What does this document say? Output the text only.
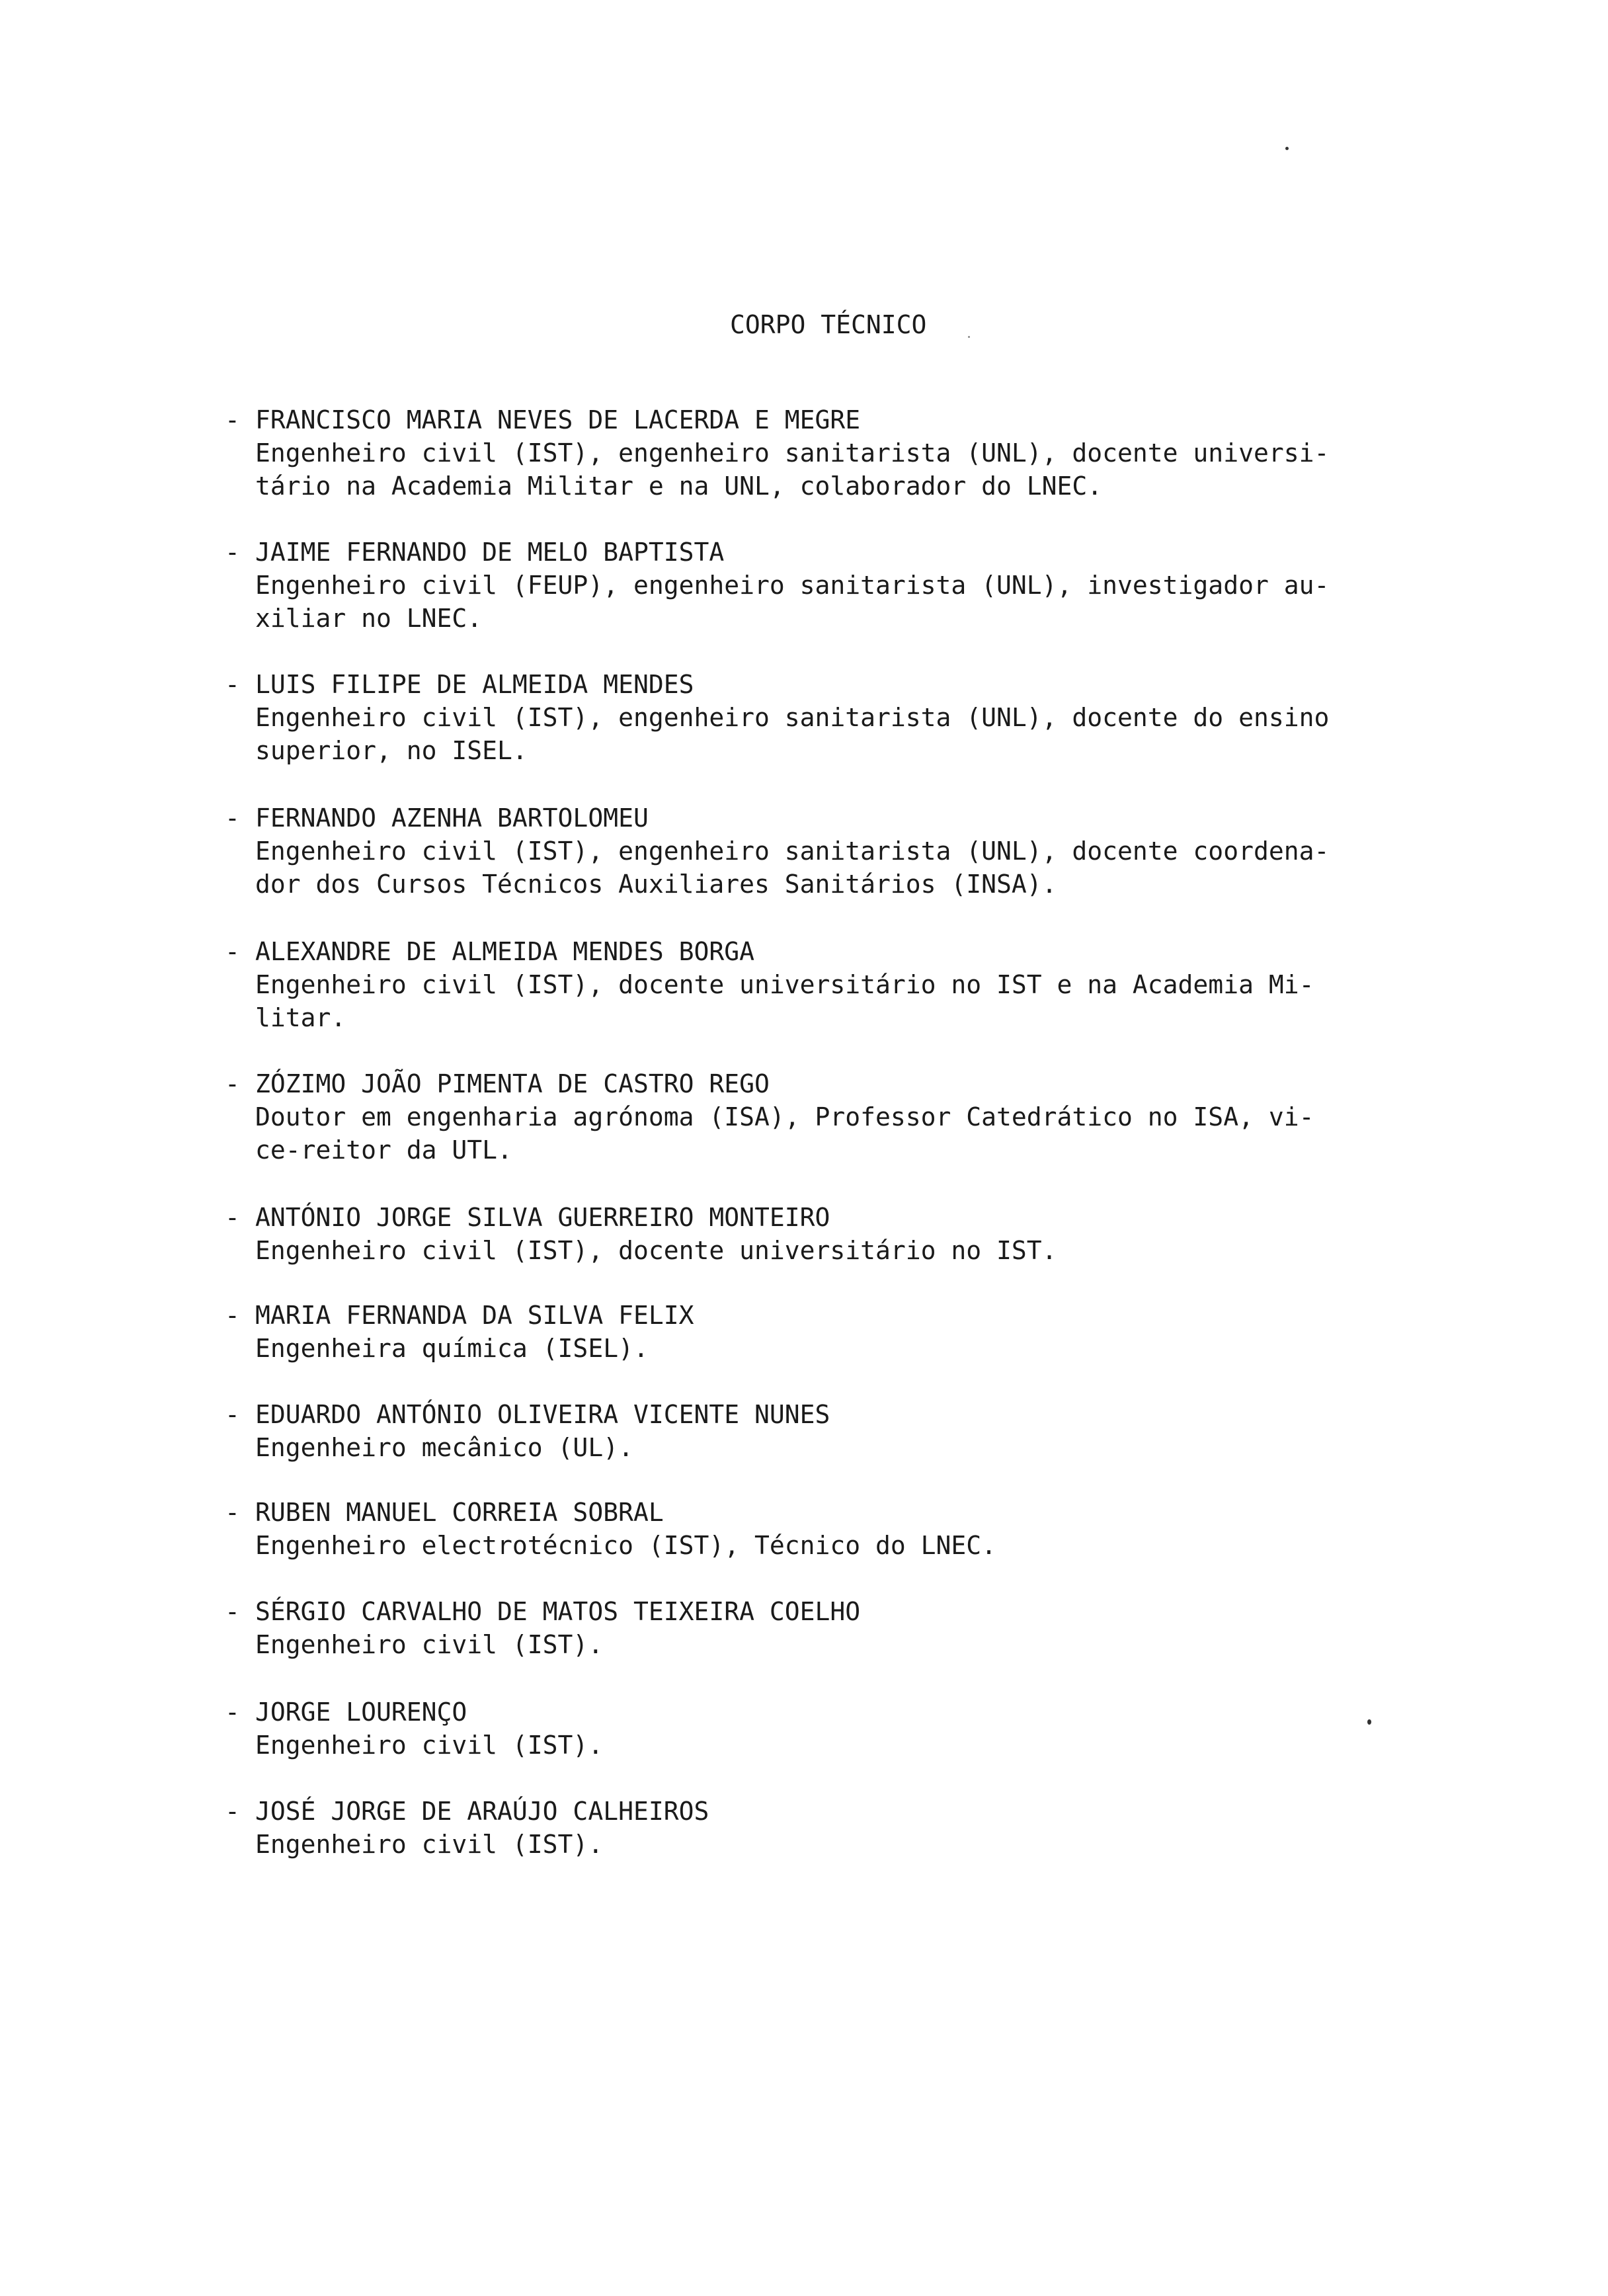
CORPO TÉCNICO
- FRANCISCO MARIA NEVES DE LACERDA E MEGRE
Engenheiro civil (IST), engenheiro sanitarista (UNL), docente universi-
tário na Academia Militar e na UNL, colaborador do LNEC.
- JAIME FERNANDO DE MELO BAPTISTA
Engenheiro civil (FEUP), engenheiro sanitarista (UNL), investigador au-
xiliar no LNEC.
- LUIS FILIPE DE ALMEIDA MENDES
Engenheiro civil (IST), engenheiro sanitarista (UNL), docente do ensino
superior, no ISEL.
- FERNANDO AZENHA BARTOLOMEU
Engenheiro civil (IST), engenheiro sanitarista (UNL), docente coordena-
dor dos Cursos Técnicos Auxiliares Sanitários (INSA).
- ALEXANDRE DE ALMEIDA MENDES BORGA
Engenheiro civil (IST), docente universitário no IST e na Academia Mi-
litar.
- ZÓZIMO JOÃO PIMENTA DE CASTRO REGO
Doutor em engenharia agrónoma (ISA), Professor Catedrático no ISA, vi-
ce-reitor da UTL.
- ANTÓNIO JORGE SILVA GUERREIRO MONTEIRO
Engenheiro civil (IST), docente universitário no IST.
- MARIA FERNANDA DA SILVA FELIX
Engenheira química (ISEL).
- EDUARDO ANTÓNIO OLIVEIRA VICENTE NUNES
Engenheiro mecânico (UL).
- RUBEN MANUEL CORREIA SOBRAL
Engenheiro electrotécnico (IST), Técnico do LNEC.
- SÉRGIO CARVALHO DE MATOS TEIXEIRA COELHO
Engenheiro civil (IST).
- JORGE LOURENÇO
Engenheiro civil (IST).
- JOSÉ JORGE DE ARAÚJO CALHEIROS
Engenheiro civil (IST).
